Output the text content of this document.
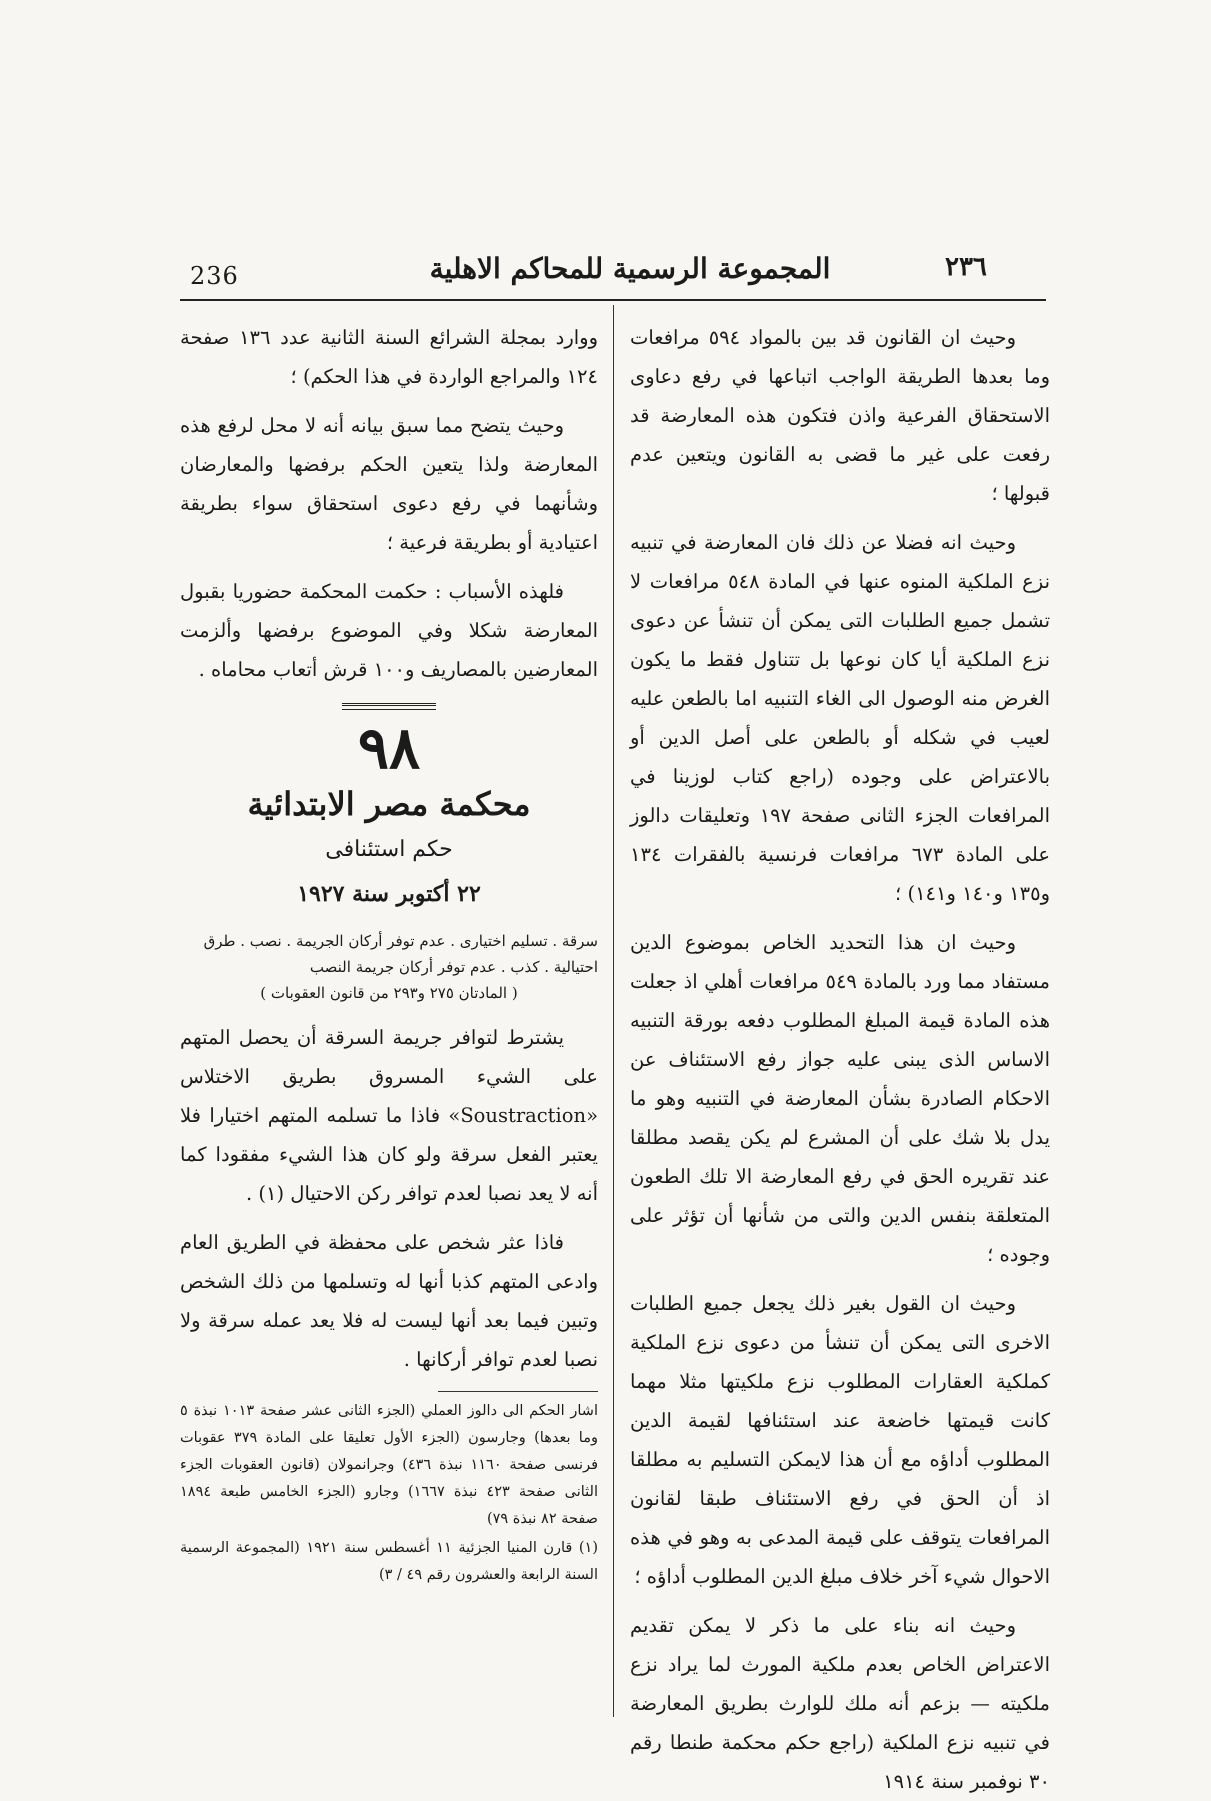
236	المجموعة الرسمية للمحاكم الاهلية	٢٣٦

وحيث ان القانون قد بين بالمواد ٥٩٤ مرافعات وما بعدها الطريقة الواجب اتباعها في رفع دعاوى الاستحقاق الفرعية واذن فتكون هذه المعارضة قد رفعت على غير ما قضى به القانون ويتعين عدم قبولها ؛

وحيث انه فضلا عن ذلك فان المعارضة في تنبيه نزع الملكية المنوه عنها في المادة ٥٤٨ مرافعات لا تشمل جميع الطلبات التى يمكن أن تنشأ عن دعوى نزع الملكية أيا كان نوعها بل تتناول فقط ما يكون الغرض منه الوصول الى الغاء التنبيه اما بالطعن عليه لعيب في شكله أو بالطعن على أصل الدين أو بالاعتراض على وجوده (راجع كتاب لوزينا في المرافعات الجزء الثانى صفحة ١٩٧ وتعليقات دالوز على المادة ٦٧٣ مرافعات فرنسية بالفقرات ١٣٤ و١٣٥ و١٤٠ و١٤١) ؛

وحيث ان هذا التحديد الخاص بموضوع الدين مستفاد مما ورد بالمادة ٥٤٩ مرافعات أهلي اذ جعلت هذه المادة قيمة المبلغ المطلوب دفعه بورقة التنبيه الاساس الذى يبنى عليه جواز رفع الاستئناف عن الاحكام الصادرة بشأن المعارضة في التنبيه وهو ما يدل بلا شك على أن المشرع لم يكن يقصد مطلقا عند تقريره الحق في رفع المعارضة الا تلك الطعون المتعلقة بنفس الدين والتى من شأنها أن تؤثر على وجوده ؛

وحيث ان القول بغير ذلك يجعل جميع الطلبات الاخرى التى يمكن أن تنشأ من دعوى نزع الملكية كملكية العقارات المطلوب نزع ملكيتها مثلا مهما كانت قيمتها خاضعة عند استئنافها لقيمة الدين المطلوب أداؤه مع أن هذا لايمكن التسليم به مطلقا اذ أن الحق في رفع الاستئناف طبقا لقانون المرافعات يتوقف على قيمة المدعى به وهو في هذه الاحوال شيء آخر خلاف مبلغ الدين المطلوب أداؤه ؛

وحيث انه بناء على ما ذكر لا يمكن تقديم الاعتراض الخاص بعدم ملكية المورث لما يراد نزع ملكيته — بزعم أنه ملك للوارث بطريق المعارضة في تنبيه نزع الملكية (راجع حكم محكمة طنطا رقم ٣٠ نوفمبر سنة ١٩١٤

ووارد بمجلة الشرائع السنة الثانية عدد ١٣٦ صفحة ١٢٤ والمراجع الواردة في هذا الحكم) ؛

وحيث يتضح مما سبق بيانه أنه لا محل لرفع هذه المعارضة ولذا يتعين الحكم برفضها والمعارضان وشأنهما في رفع دعوى استحقاق سواء بطريقة اعتيادية أو بطريقة فرعية ؛

فلهذه الأسباب : حكمت المحكمة حضوريا بقبول المعارضة شكلا وفي الموضوع برفضها وألزمت المعارضين بالمصاريف و١٠٠ قرش أتعاب محاماه .

٩٨
محكمة مصر الابتدائية
حكم استئنافى
٢٢ أكتوبر سنة ١٩٢٧
سرقة . تسليم اختيارى . عدم توفر أركان الجريمة . نصب . طرق
احتيالية . كذب . عدم توفر أركان جريمة النصب
( المادتان ٢٧٥ و٢٩٣ من قانون العقوبات )

يشترط لتوافر جريمة السرقة أن يحصل المتهم على الشيء المسروق بطريق الاختلاس «Soustraction» فاذا ما تسلمه المتهم اختيارا فلا يعتبر الفعل سرقة ولو كان هذا الشيء مفقودا كما أنه لا يعد نصبا لعدم توافر ركن الاحتيال (١) .

فاذا عثر شخص على محفظة في الطريق العام وادعى المتهم كذبا أنها له وتسلمها من ذلك الشخص وتبين فيما بعد أنها ليست له فلا يعد عمله سرقة ولا نصبا لعدم توافر أركانها .

اشار الحكم الى دالوز العملي (الجزء الثانى عشر صفحة ١٠١٣ نبذة ٥ وما بعدها) وجارسون (الجزء الأول تعليقا على المادة ٣٧٩ عقوبات فرنسى صفحة ١١٦٠ نبذة ٤٣٦) وجرانمولان (قانون العقوبات الجزء الثانى صفحة ٤٢٣ نبذة ١٦٦٧) وجارو (الجزء الخامس طبعة ١٨٩٤ صفحة ٨٢ نبذة ٧٩)

(١) قارن المنيا الجزئية ١١ أغسطس سنة ١٩٢١ (المجموعة الرسمية السنة الرابعة والعشرون رقم ٤٩ / ٣)
